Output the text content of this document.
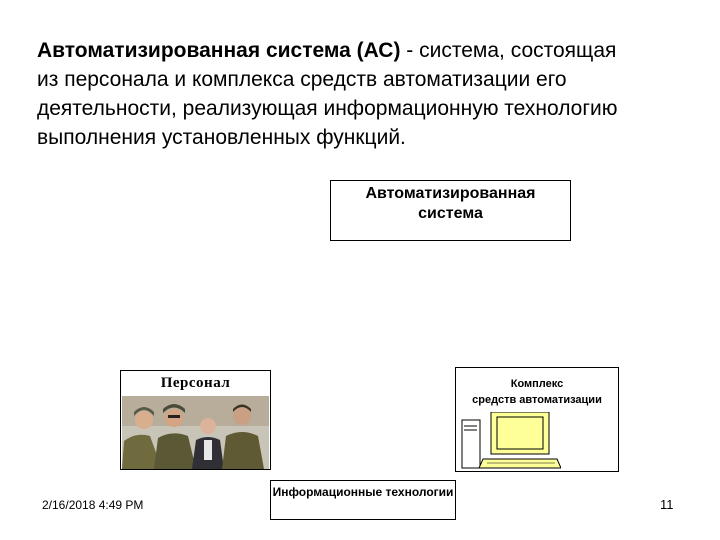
Автоматизированная система (АС) - система, состоящая из персонала и комплекса средств автоматизации его деятельности, реализующая информационную технологию выполнения установленных функций.
Автоматизированная система
Персонал	Комплекс
средств автоматизации
Информационные технологии
2/16/2018 4:49 PM	11
